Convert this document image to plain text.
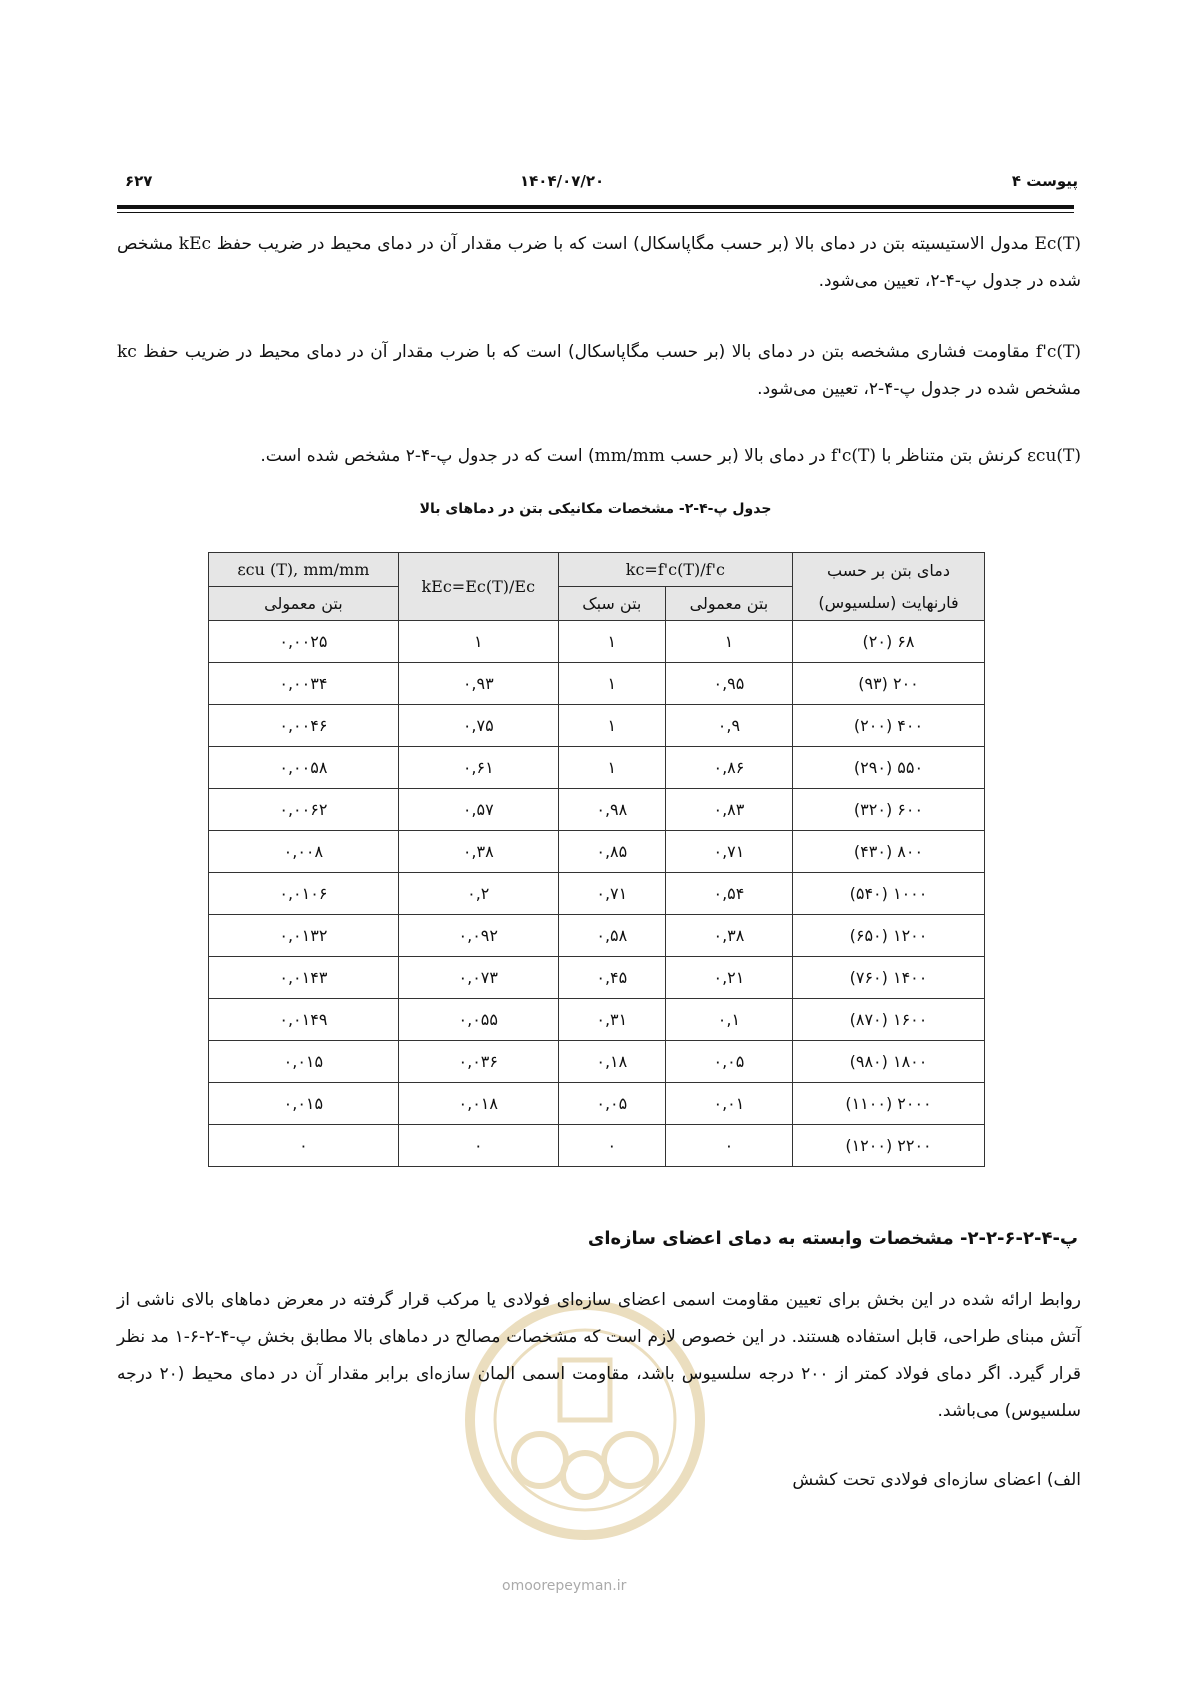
پیوست ۴
۱۴۰۴/۰۷/۲۰
۶۲۷
Ec(T) مدول الاستیسیته بتن در دمای بالا (بر حسب مگاپاسکال) است که با ضرب مقدار آن در دمای محیط در ضریب حفظ kEc مشخص شده در جدول پ-۴-۲، تعیین می‌شود.
f'c(T) مقاومت فشاری مشخصه بتن در دمای بالا (بر حسب مگاپاسکال) است که با ضرب مقدار آن در دمای محیط در ضریب حفظ kc مشخص شده در جدول پ-۴-۲، تعیین می‌شود.
εcu(T) کرنش بتن متناظر با f'c(T) در دمای بالا (بر حسب mm/mm) است که در جدول پ-۴-۲ مشخص شده است.
جدول پ-۴-۲- مشخصات مکانیکی بتن در دماهای بالا
دمای بتن بر حسب
فارنهایت (سلسیوس)	kc=f'c(T)/f'c		kEc=Ec(T)/Ec	εcu (T), mm/mm
	بتن معمولی	بتن سبک		بتن معمولی
۶۸ (۲۰)	۱	۱	۱	۰,۰۰۲۵
۲۰۰ (۹۳)	۰,۹۵	۱	۰,۹۳	۰,۰۰۳۴
۴۰۰ (۲۰۰)	۰,۹	۱	۰,۷۵	۰,۰۰۴۶
۵۵۰ (۲۹۰)	۰,۸۶	۱	۰,۶۱	۰,۰۰۵۸
۶۰۰ (۳۲۰)	۰,۸۳	۰,۹۸	۰,۵۷	۰,۰۰۶۲
۸۰۰ (۴۳۰)	۰,۷۱	۰,۸۵	۰,۳۸	۰,۰۰۸
۱۰۰۰ (۵۴۰)	۰,۵۴	۰,۷۱	۰,۲	۰,۰۱۰۶
۱۲۰۰ (۶۵۰)	۰,۳۸	۰,۵۸	۰,۰۹۲	۰,۰۱۳۲
۱۴۰۰ (۷۶۰)	۰,۲۱	۰,۴۵	۰,۰۷۳	۰,۰۱۴۳
۱۶۰۰ (۸۷۰)	۰,۱	۰,۳۱	۰,۰۵۵	۰,۰۱۴۹
۱۸۰۰ (۹۸۰)	۰,۰۵	۰,۱۸	۰,۰۳۶	۰,۰۱۵
۲۰۰۰ (۱۱۰۰)	۰,۰۱	۰,۰۵	۰,۰۱۸	۰,۰۱۵
۲۲۰۰ (۱۲۰۰)	۰	۰	۰	۰
پ-۴-۲-۶-۲-۲- مشخصات وابسته به دمای اعضای سازه‌ای
omoorepeyman.ir
روابط ارائه شده در این بخش برای تعیین مقاومت اسمی اعضای سازه‌ای فولادی یا مرکب قرار گرفته در معرض دماهای بالای ناشی از آتش مبنای طراحی، قابل استفاده هستند. در این خصوص لازم است که مشخصات مصالح در دماهای بالا مطابق بخش پ-۴-۲-۶-۱ مد نظر قرار گیرد. اگر دمای فولاد کمتر از ۲۰۰ درجه سلسیوس باشد، مقاومت اسمی المان سازه‌ای برابر مقدار آن در دمای محیط (۲۰ درجه سلسیوس) می‌باشد.
الف) اعضای سازه‌ای فولادی تحت کشش
